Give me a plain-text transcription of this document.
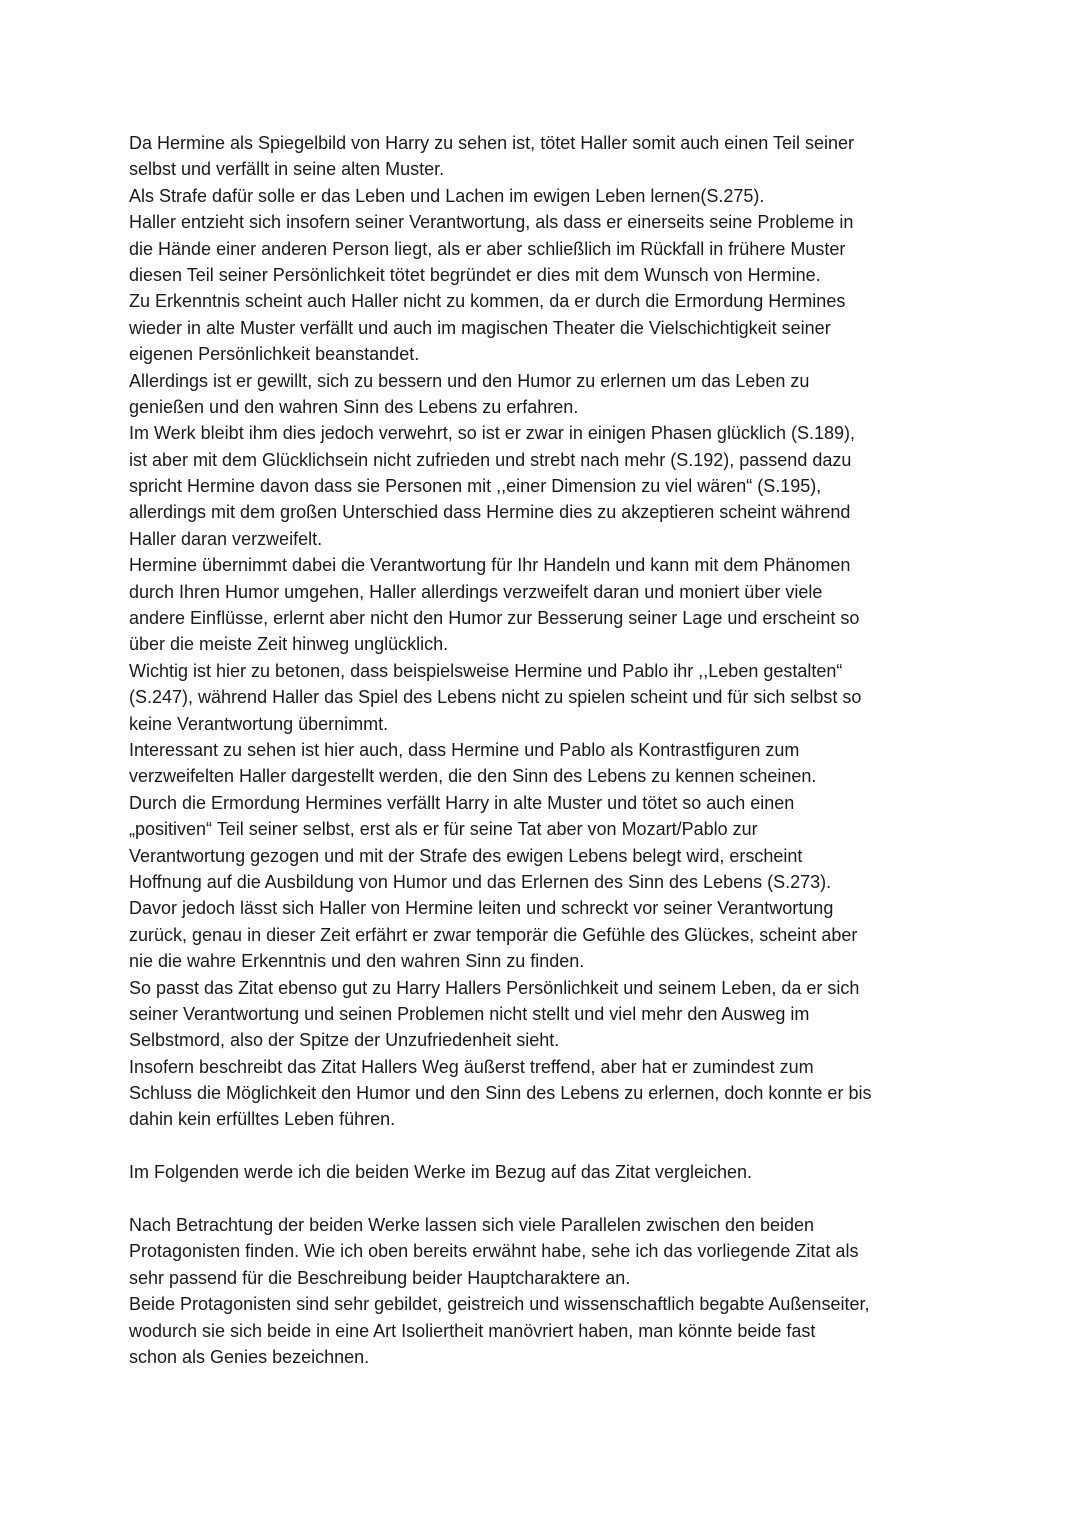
Da Hermine als Spiegelbild von Harry zu sehen ist, tötet Haller somit auch einen Teil seiner
selbst und verfällt in seine alten Muster.
Als Strafe dafür solle er das Leben und Lachen im ewigen Leben lernen(S.275).
Haller entzieht sich insofern seiner Verantwortung, als dass er einerseits seine Probleme in
die Hände einer anderen Person liegt, als er aber schließlich im Rückfall in frühere Muster
diesen Teil seiner Persönlichkeit tötet begründet er dies mit dem Wunsch von Hermine.
Zu Erkenntnis scheint auch Haller nicht zu kommen, da er durch die Ermordung Hermines
wieder in alte Muster verfällt und auch im magischen Theater die Vielschichtigkeit seiner
eigenen Persönlichkeit beanstandet.
Allerdings ist er gewillt, sich zu bessern und den Humor zu erlernen um das Leben zu
genießen und den wahren Sinn des Lebens zu erfahren.
Im Werk bleibt ihm dies jedoch verwehrt, so ist er zwar in einigen Phasen glücklich (S.189),
ist aber mit dem Glücklichsein nicht zufrieden und strebt nach mehr (S.192), passend dazu
spricht Hermine davon dass sie Personen mit ,,einer Dimension zu viel wären“ (S.195),
allerdings mit dem großen Unterschied dass Hermine dies zu akzeptieren scheint während
Haller daran verzweifelt.
Hermine übernimmt dabei die Verantwortung für Ihr Handeln und kann mit dem Phänomen
durch Ihren Humor umgehen, Haller allerdings verzweifelt daran und moniert über viele
andere Einflüsse, erlernt aber nicht den Humor zur Besserung seiner Lage und erscheint so
über die meiste Zeit hinweg unglücklich.
Wichtig ist hier zu betonen, dass beispielsweise Hermine und Pablo ihr ,,Leben gestalten“
(S.247), während Haller das Spiel des Lebens nicht zu spielen scheint und für sich selbst so
keine Verantwortung übernimmt.
Interessant zu sehen ist hier auch, dass Hermine und Pablo als Kontrastfiguren zum
verzweifelten Haller dargestellt werden, die den Sinn des Lebens zu kennen scheinen.
Durch die Ermordung Hermines verfällt Harry in alte Muster und tötet so auch einen
„positiven“ Teil seiner selbst, erst als er für seine Tat aber von Mozart/Pablo zur
Verantwortung gezogen und mit der Strafe des ewigen Lebens belegt wird, erscheint
Hoffnung auf die Ausbildung von Humor und das Erlernen des Sinn des Lebens (S.273).
Davor jedoch lässt sich Haller von Hermine leiten und schreckt vor seiner Verantwortung
zurück, genau in dieser Zeit erfährt er zwar temporär die Gefühle des Glückes, scheint aber
nie die wahre Erkenntnis und den wahren Sinn zu finden.
So passt das Zitat ebenso gut zu Harry Hallers Persönlichkeit und seinem Leben, da er sich
seiner Verantwortung und seinen Problemen nicht stellt und viel mehr den Ausweg im
Selbstmord, also der Spitze der Unzufriedenheit sieht.
Insofern beschreibt das Zitat Hallers Weg äußerst treffend, aber hat er zumindest zum
Schluss die Möglichkeit den Humor und den Sinn des Lebens zu erlernen, doch konnte er bis
dahin kein erfülltes Leben führen.
Im Folgenden werde ich die beiden Werke im Bezug auf das Zitat vergleichen.
Nach Betrachtung der beiden Werke lassen sich viele Parallelen zwischen den beiden
Protagonisten finden. Wie ich oben bereits erwähnt habe, sehe ich das vorliegende Zitat als
sehr passend für die Beschreibung beider Hauptcharaktere an.
Beide Protagonisten sind sehr gebildet, geistreich und wissenschaftlich begabte Außenseiter,
wodurch sie sich beide in eine Art Isoliertheit manövriert haben, man könnte beide fast
schon als Genies bezeichnen.
